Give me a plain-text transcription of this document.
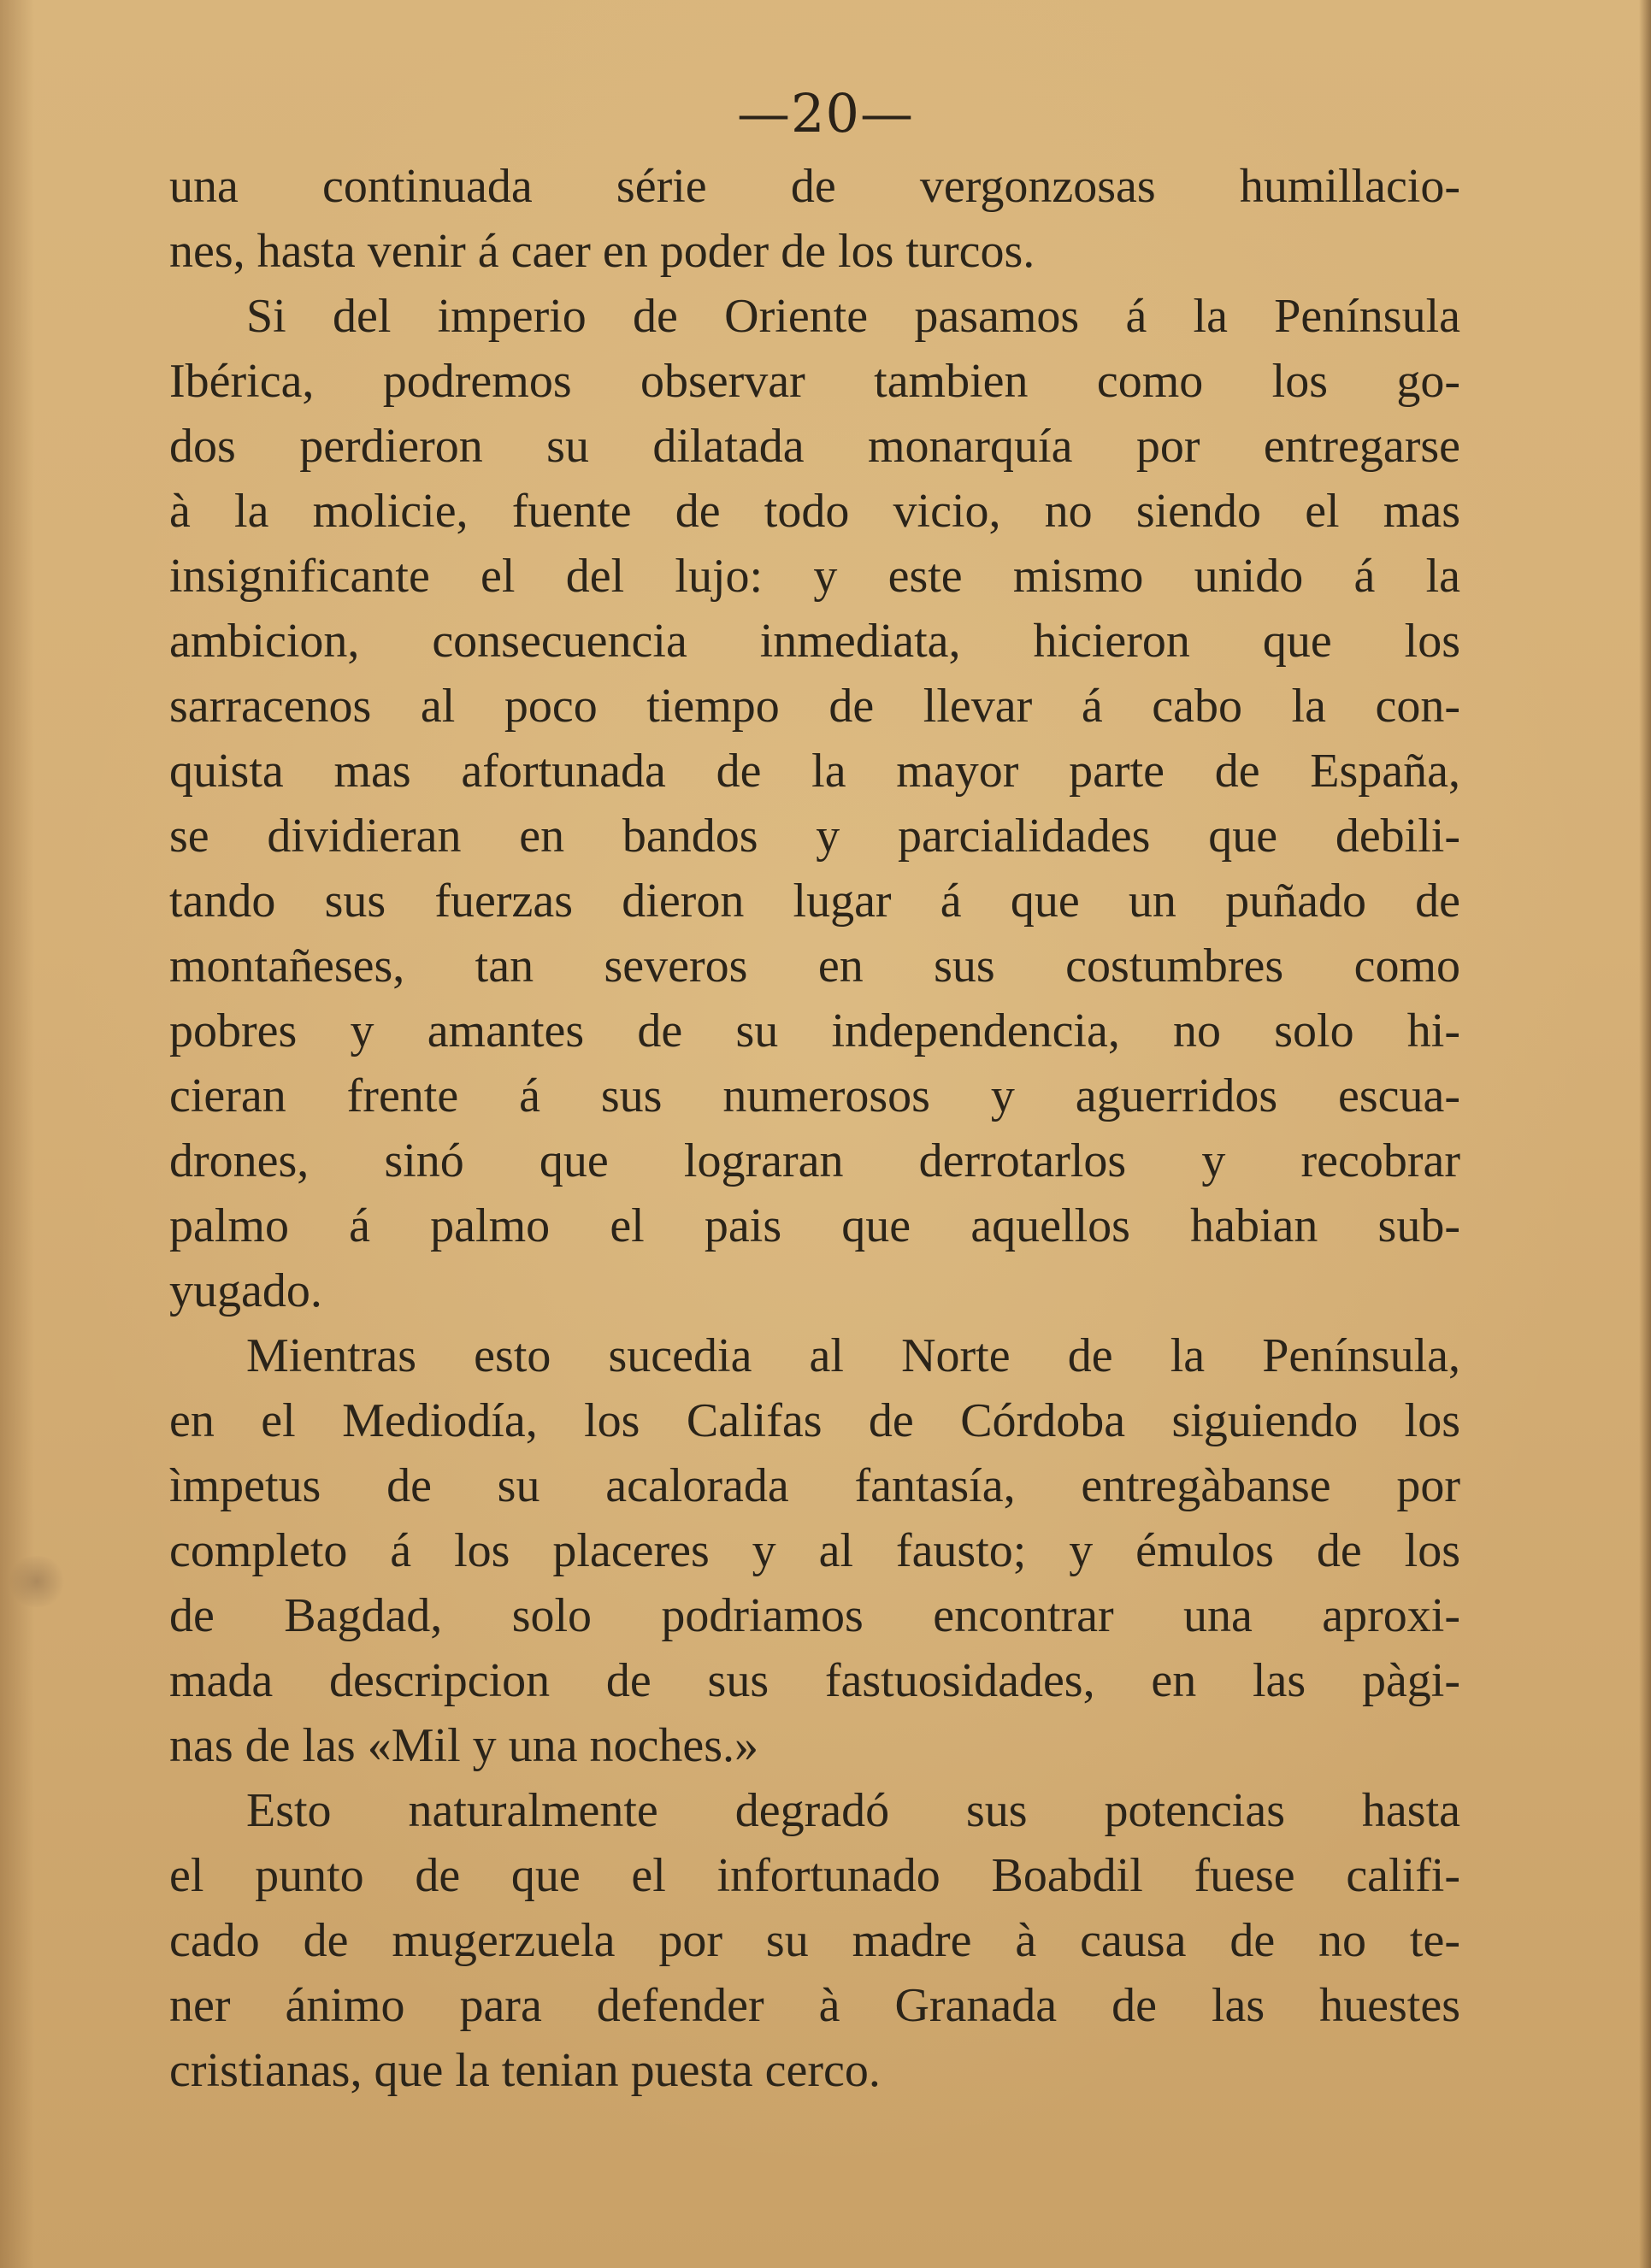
—20—
una continuada série de vergonzosas humillacio-
nes, hasta venir á caer en poder de los turcos.
Si del imperio de Oriente pasamos á la Península
Ibérica, podremos observar tambien como los go-
dos perdieron su dilatada monarquía por entregarse
à la molicie, fuente de todo vicio, no siendo el mas
insignificante el del lujo: y este mismo unido á la
ambicion, consecuencia inmediata, hicieron que los
sarracenos al poco tiempo de llevar á cabo la con-
quista mas afortunada de la mayor parte de España,
se dividieran en bandos y parcialidades que debili-
tando sus fuerzas dieron lugar á que un puñado de
montañeses, tan severos en sus costumbres como
pobres y amantes de su independencia, no solo hi-
cieran frente á sus numerosos y aguerridos escua-
drones, sinó que lograran derrotarlos y recobrar
palmo á palmo el pais que aquellos habian sub-
yugado.
Mientras esto sucedia al Norte de la Península,
en el Mediodía, los Califas de Córdoba siguiendo los
ìmpetus de su acalorada fantasía, entregàbanse por
completo á los placeres y al fausto; y émulos de los
de Bagdad, solo podriamos encontrar una aproxi-
mada descripcion de sus fastuosidades, en las pàgi-
nas de las «Mil y una noches.»
Esto naturalmente degradó sus potencias hasta
el punto de que el infortunado Boabdil fuese califi-
cado de mugerzuela por su madre à causa de no te-
ner ánimo para defender à Granada de las huestes
cristianas, que la tenian puesta cerco.
